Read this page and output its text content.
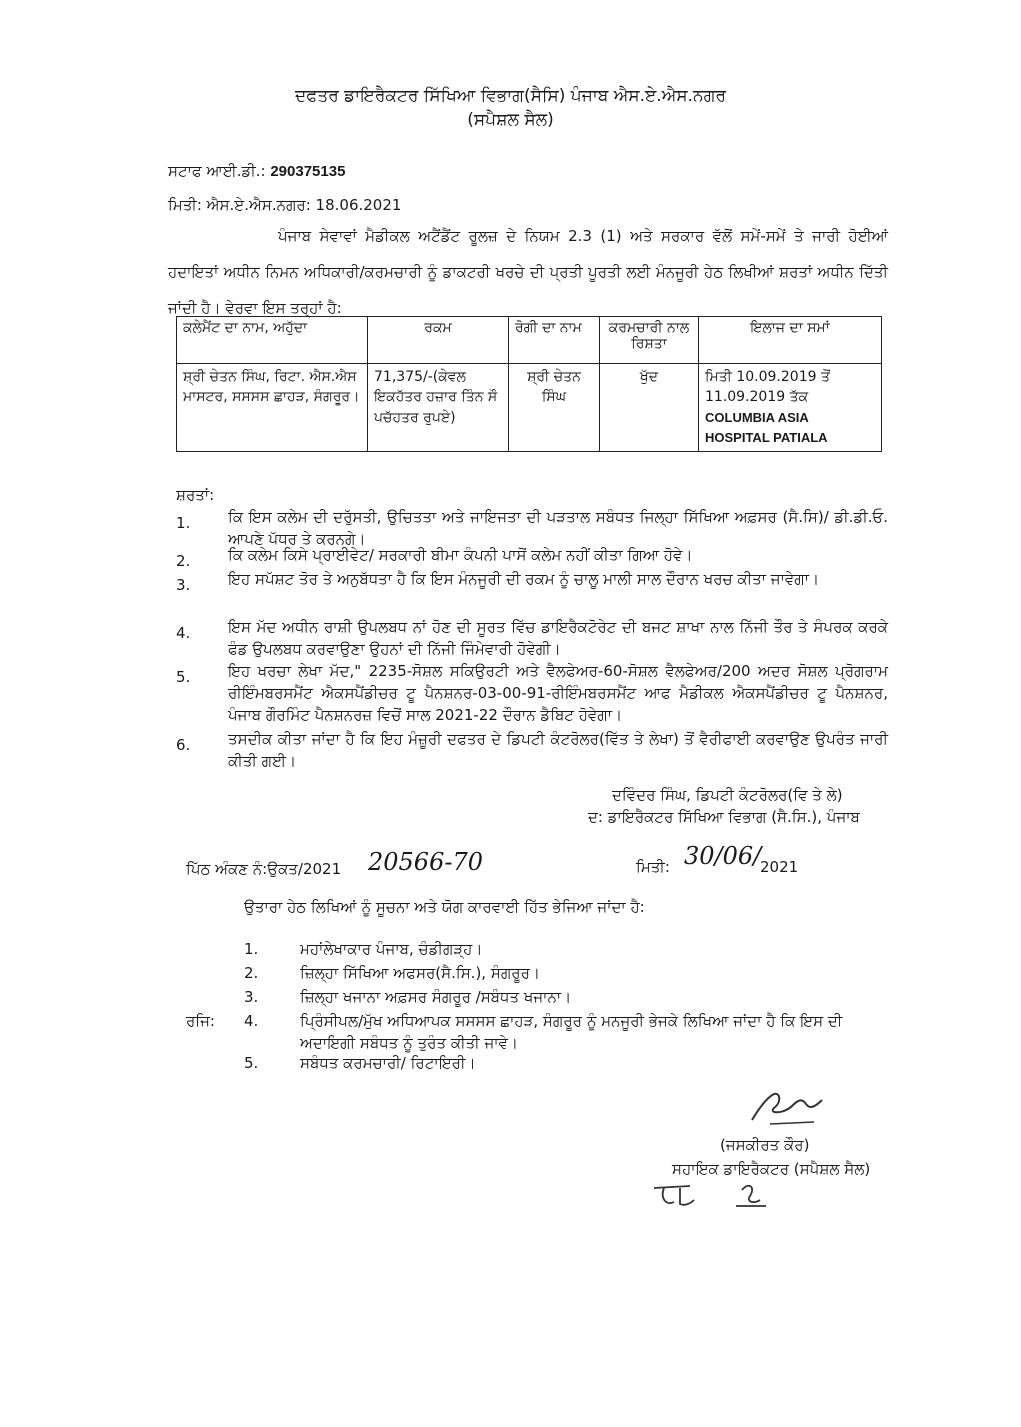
ਦਫਤਰ ਡਾਇਰੈਕਟਰ ਸਿੱਖਿਆ ਵਿਭਾਗ(ਸੈਸਿ) ਪੰਜਾਬ ਐਸ.ਏ.ਐਸ.ਨਗਰ
(ਸਪੈਸ਼ਲ ਸੈਲ)
ਸਟਾਫ ਆਈ.ਡੀ.: 290375135
ਮਿਤੀ: ਐਸ.ਏ.ਐਸ.ਨਗਰ: 18.06.2021
ਪੰਜਾਬ ਸੇਵਾਵਾਂ ਮੈਡੀਕਲ ਅਟੈਂਡੈਂਟ ਰੂਲਜ਼ ਦੇ ਨਿਯਮ 2.3 (1) ਅਤੇ ਸਰਕਾਰ ਵੱਲੋਂ ਸਮੇਂ-ਸਮੇਂ ਤੇ ਜਾਰੀ ਹੋਈਆਂ ਹਦਾਇਤਾਂ ਅਧੀਨ ਨਿਮਨ ਅਧਿਕਾਰੀ/ਕਰਮਚਾਰੀ ਨੂੰ ਡਾਕਟਰੀ ਖਰਚੇ ਦੀ ਪ੍ਰਤੀ ਪੂਰਤੀ ਲਈ ਮੰਨਜੂਰੀ ਹੇਠ ਲਿਖੀਆਂ ਸ਼ਰਤਾਂ ਅਧੀਨ ਦਿੱਤੀ ਜਾਂਦੀ ਹੈ। ਵੇਰਵਾ ਇਸ ਤਰ੍ਹਾਂ ਹੈ:
ਕਲੇਮੈਂਟ ਦਾ ਨਾਮ, ਅਹੁੱਦਾ	ਰਕਮ	ਰੋਗੀ ਦਾ ਨਾਮ	ਕਰਮਚਾਰੀ ਨਾਲ ਰਿਸ਼ਤਾ	ਇਲਾਜ ਦਾ ਸਮਾਂ
ਸ਼੍ਰੀ ਚੇਤਨ ਸਿੰਘ, ਰਿਟਾ. ਐਸ.ਐਸ ਮਾਸਟਰ, ਸਸਸਸ ਛਾਹੜ, ਸੰਗਰੂਰ।	71,375/-(ਕੇਵਲ ਇਕਹੱਤਰ ਹਜ਼ਾਰ ਤਿੰਨ ਸੌ ਪਚੱਹਤਰ ਰੁਪਏ)	ਸ਼੍ਰੀ ਚੇਤਨ ਸਿੰਘ	ਖੁੱਦ	ਮਿਤੀ 10.09.2019 ਤੋਂ 11.09.2019 ਤੱਕ
COLUMBIA ASIA HOSPITAL PATIALA
ਸ਼ਰਤਾਂ:
1.	ਕਿ ਇਸ ਕਲੇਮ ਦੀ ਦਰੁੱਸਤੀ, ਉਚਿਤਤਾ ਅਤੇ ਜਾਇਜਤਾ ਦੀ ਪੜਤਾਲ ਸਬੰਧਤ ਜਿਲ੍ਹਾ ਸਿੱਖਿਆ ਅਫ਼ਸਰ (ਸੈ.ਸਿ)/ ਡੀ.ਡੀ.ਓ. ਆਪਣੇ ਪੱਧਰ ਤੇ ਕਰਨਗੇ।
2.	ਕਿ ਕਲੇਮ ਕਿਸੇ ਪ੍ਰਾਈਵੇਟ/ ਸਰਕਾਰੀ ਬੀਮਾ ਕੰਪਨੀ ਪਾਸੋਂ ਕਲੇਮ ਨਹੀਂ ਕੀਤਾ ਗਿਆ ਹੋਵੇ।
3.	ਇਹ ਸਪੱਸ਼ਟ ਤੋਰ ਤੇ ਅਨੁਬੱਧਤਾ ਹੈ ਕਿ ਇਸ ਮੰਨਜੂਰੀ ਦੀ ਰਕਮ ਨੂੰ ਚਾਲੂ ਮਾਲੀ ਸਾਲ ਦੌਰਾਨ ਖਰਚ ਕੀਤਾ ਜਾਵੇਗਾ।
4.	ਇਸ ਮੱਦ ਅਧੀਨ ਰਾਸ਼ੀ ਉਪਲਬਧ ਨਾਂ ਹੋਣ ਦੀ ਸੂਰਤ ਵਿੱਚ ਡਾਇਰੈਕਟੋਰੇਟ ਦੀ ਬਜਟ ਸ਼ਾਖਾ ਨਾਲ ਨਿੱਜੀ ਤੌਰ ਤੇ ਸੰਪਰਕ ਕਰਕੇ ਫੰਡ ਉਪਲਬਧ ਕਰਵਾਉਣਾ ਉਹਨਾਂ ਦੀ ਨਿੱਜੀ ਜਿੰਮੇਵਾਰੀ ਹੋਵੇਗੀ।
5.	ਇਹ ਖਰਚਾ ਲੇਖਾ ਮੱਦ," 2235-ਸੋਸ਼ਲ ਸਕਿਉਰਟੀ ਅਤੇ ਵੈਲਫੇਅਰ-60-ਸੋਸ਼ਲ ਵੈਲਫੇਅਰ/200 ਅਦਰ ਸੋਸ਼ਲ ਪ੍ਰੋਗਰਾਮ ਰੀਇੰਮਬਰਸਮੈਂਟ ਐਕਸਪੈਂਡੀਚਰ ਟੂ ਪੈਨਸ਼ਨਰ-03-00-91-ਰੀਇੰਮਬਰਸਮੈਂਟ ਆਫ ਮੈਡੀਕਲ ਐਕਸਪੈਂਡੀਚਰ ਟੂ ਪੈਨਸ਼ਨਰ, ਪੰਜਾਬ ਗੌਰਮਿੰਟ ਪੈਨਸ਼ਨਰਜ਼ ਵਿਚੋਂ ਸਾਲ 2021-22 ਦੌਰਾਨ ਡੈਬਿਟ ਹੋਵੇਗਾ।
6.	ਤਸਦੀਕ ਕੀਤਾ ਜਾਂਦਾ ਹੈ ਕਿ ਇਹ ਮੰਜ਼ੂਰੀ ਦਫਤਰ ਦੇ ਡਿਪਟੀ ਕੰਟਰੋਲਰ(ਵਿੱਤ ਤੇ ਲੇਖਾ) ਤੋਂ ਵੈਰੀਫਾਈ ਕਰਵਾਉਣ ਉਪਰੰਤ ਜਾਰੀ ਕੀਤੀ ਗਈ।
ਦਵਿੰਦਰ ਸਿੰਘ, ਡਿਪਟੀ ਕੰਟਰੋਲਰ(ਵਿ ਤੇ ਲੇ)
ਦ: ਡਾਇਰੈਕਟਰ ਸਿੱਖਿਆ ਵਿਭਾਗ (ਸੈ.ਸਿ.), ਪੰਜਾਬ
ਪਿੱਠ ਅੰਕਣ ਨੰ:ਉਕਤ/2021 20566-70	ਮਿਤੀ: 30/06/
2021
ਉਤਾਰਾ ਹੇਠ ਲਿਖਿਆਂ ਨੂੰ ਸੂਚਨਾ ਅਤੇ ਯੋਗ ਕਾਰਵਾਈ ਹਿੱਤ ਭੇਜਿਆ ਜਾਂਦਾ ਹੈ:
1.	ਮਹਾਂਲੇਖਾਕਾਰ ਪੰਜਾਬ, ਚੰਡੀਗੜ੍ਹ।
2.	ਜ਼ਿਲ੍ਹਾ ਸਿੱਖਿਆ ਅਫਸਰ(ਸੈ.ਸਿ.), ਸੰਗਰੂਰ।
3.	ਜ਼ਿਲ੍ਹਾ ਖਜਾਨਾ ਅਫ਼ਸਰ ਸੰਗਰੂਰ /ਸਬੰਧਤ ਖਜਾਨਾ।
ਰਜਿ: 4.	ਪ੍ਰਿੰਸੀਪਲ/ਮੁੱਖ ਅਧਿਆਪਕ ਸਸਸਸ ਛਾਹੜ, ਸੰਗਰੂਰ ਨੂੰ ਮਨਜੂਰੀ ਭੇਜਕੇ ਲਿਖਿਆ ਜਾਂਦਾ ਹੈ ਕਿ ਇਸ ਦੀ ਅਦਾਇਗੀ ਸਬੰਧਤ ਨੂੰ ਤੁਰੰਤ ਕੀਤੀ ਜਾਵੇ।
5.	ਸਬੰਧਤ ਕਰਮਚਾਰੀ/ ਰਿਟਾਇਰੀ।
(ਜਸਕੀਰਤ ਕੌਰ)
ਸਹਾਇਕ ਡਾਇਰੈਕਟਰ (ਸਪੈਸ਼ਲ ਸੈਲ)
